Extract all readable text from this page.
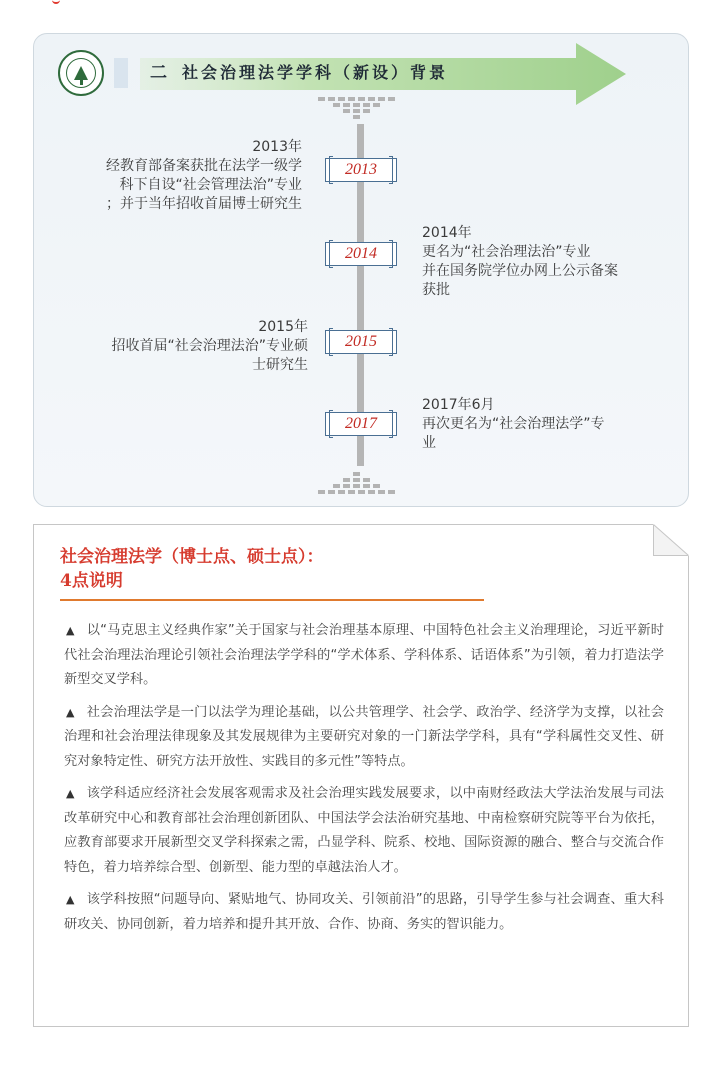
二 社会治理法学学科（新设）背景
2013

2013年

经教育部备案获批在法学一级学

科下自设“社会管理法治”专业

；并于当年招收首届博士研究生

2014

2014年

更名为“社会治理法治”专业

并在国务院学位办网上公示备案

获批

2015

2015年

招收首届“社会治理法治”专业硕

士研究生

2017

2017年6月

再次更名为“社会治理法学”专

业

社会治理法学（博士点、硕士点）：
4点说明

▲ 以“马克思主义经典作家”关于国家与社会治理基本原理、中国特色社会主义治理理论，习近平新时代社会治理法治理论引领社会治理法学学科的“学术体系、学科体系、话语体系”为引领，着力打造法学新型交叉学科。

▲ 社会治理法学是一门以法学为理论基础，以公共管理学、社会学、政治学、经济学为支撑，以社会治理和社会治理法律现象及其发展规律为主要研究对象的一门新法学学科，具有“学科属性交叉性、研究对象特定性、研究方法开放性、实践目的多元性”等特点。

▲ 该学科适应经济社会发展客观需求及社会治理实践发展要求，以中南财经政法大学法治发展与司法改革研究中心和教育部社会治理创新团队、中国法学会法治研究基地、中南检察研究院等平台为依托，应教育部要求开展新型交叉学科探索之需，凸显学科、院系、校地、国际资源的融合、整合与交流合作特色，着力培养综合型、创新型、能力型的卓越法治人才。

▲ 该学科按照“问题导向、紧贴地气、协同攻关、引领前沿”的思路，引导学生参与社会调查、重大科研攻关、协同创新，着力培养和提升其开放、合作、协商、务实的智识能力。
